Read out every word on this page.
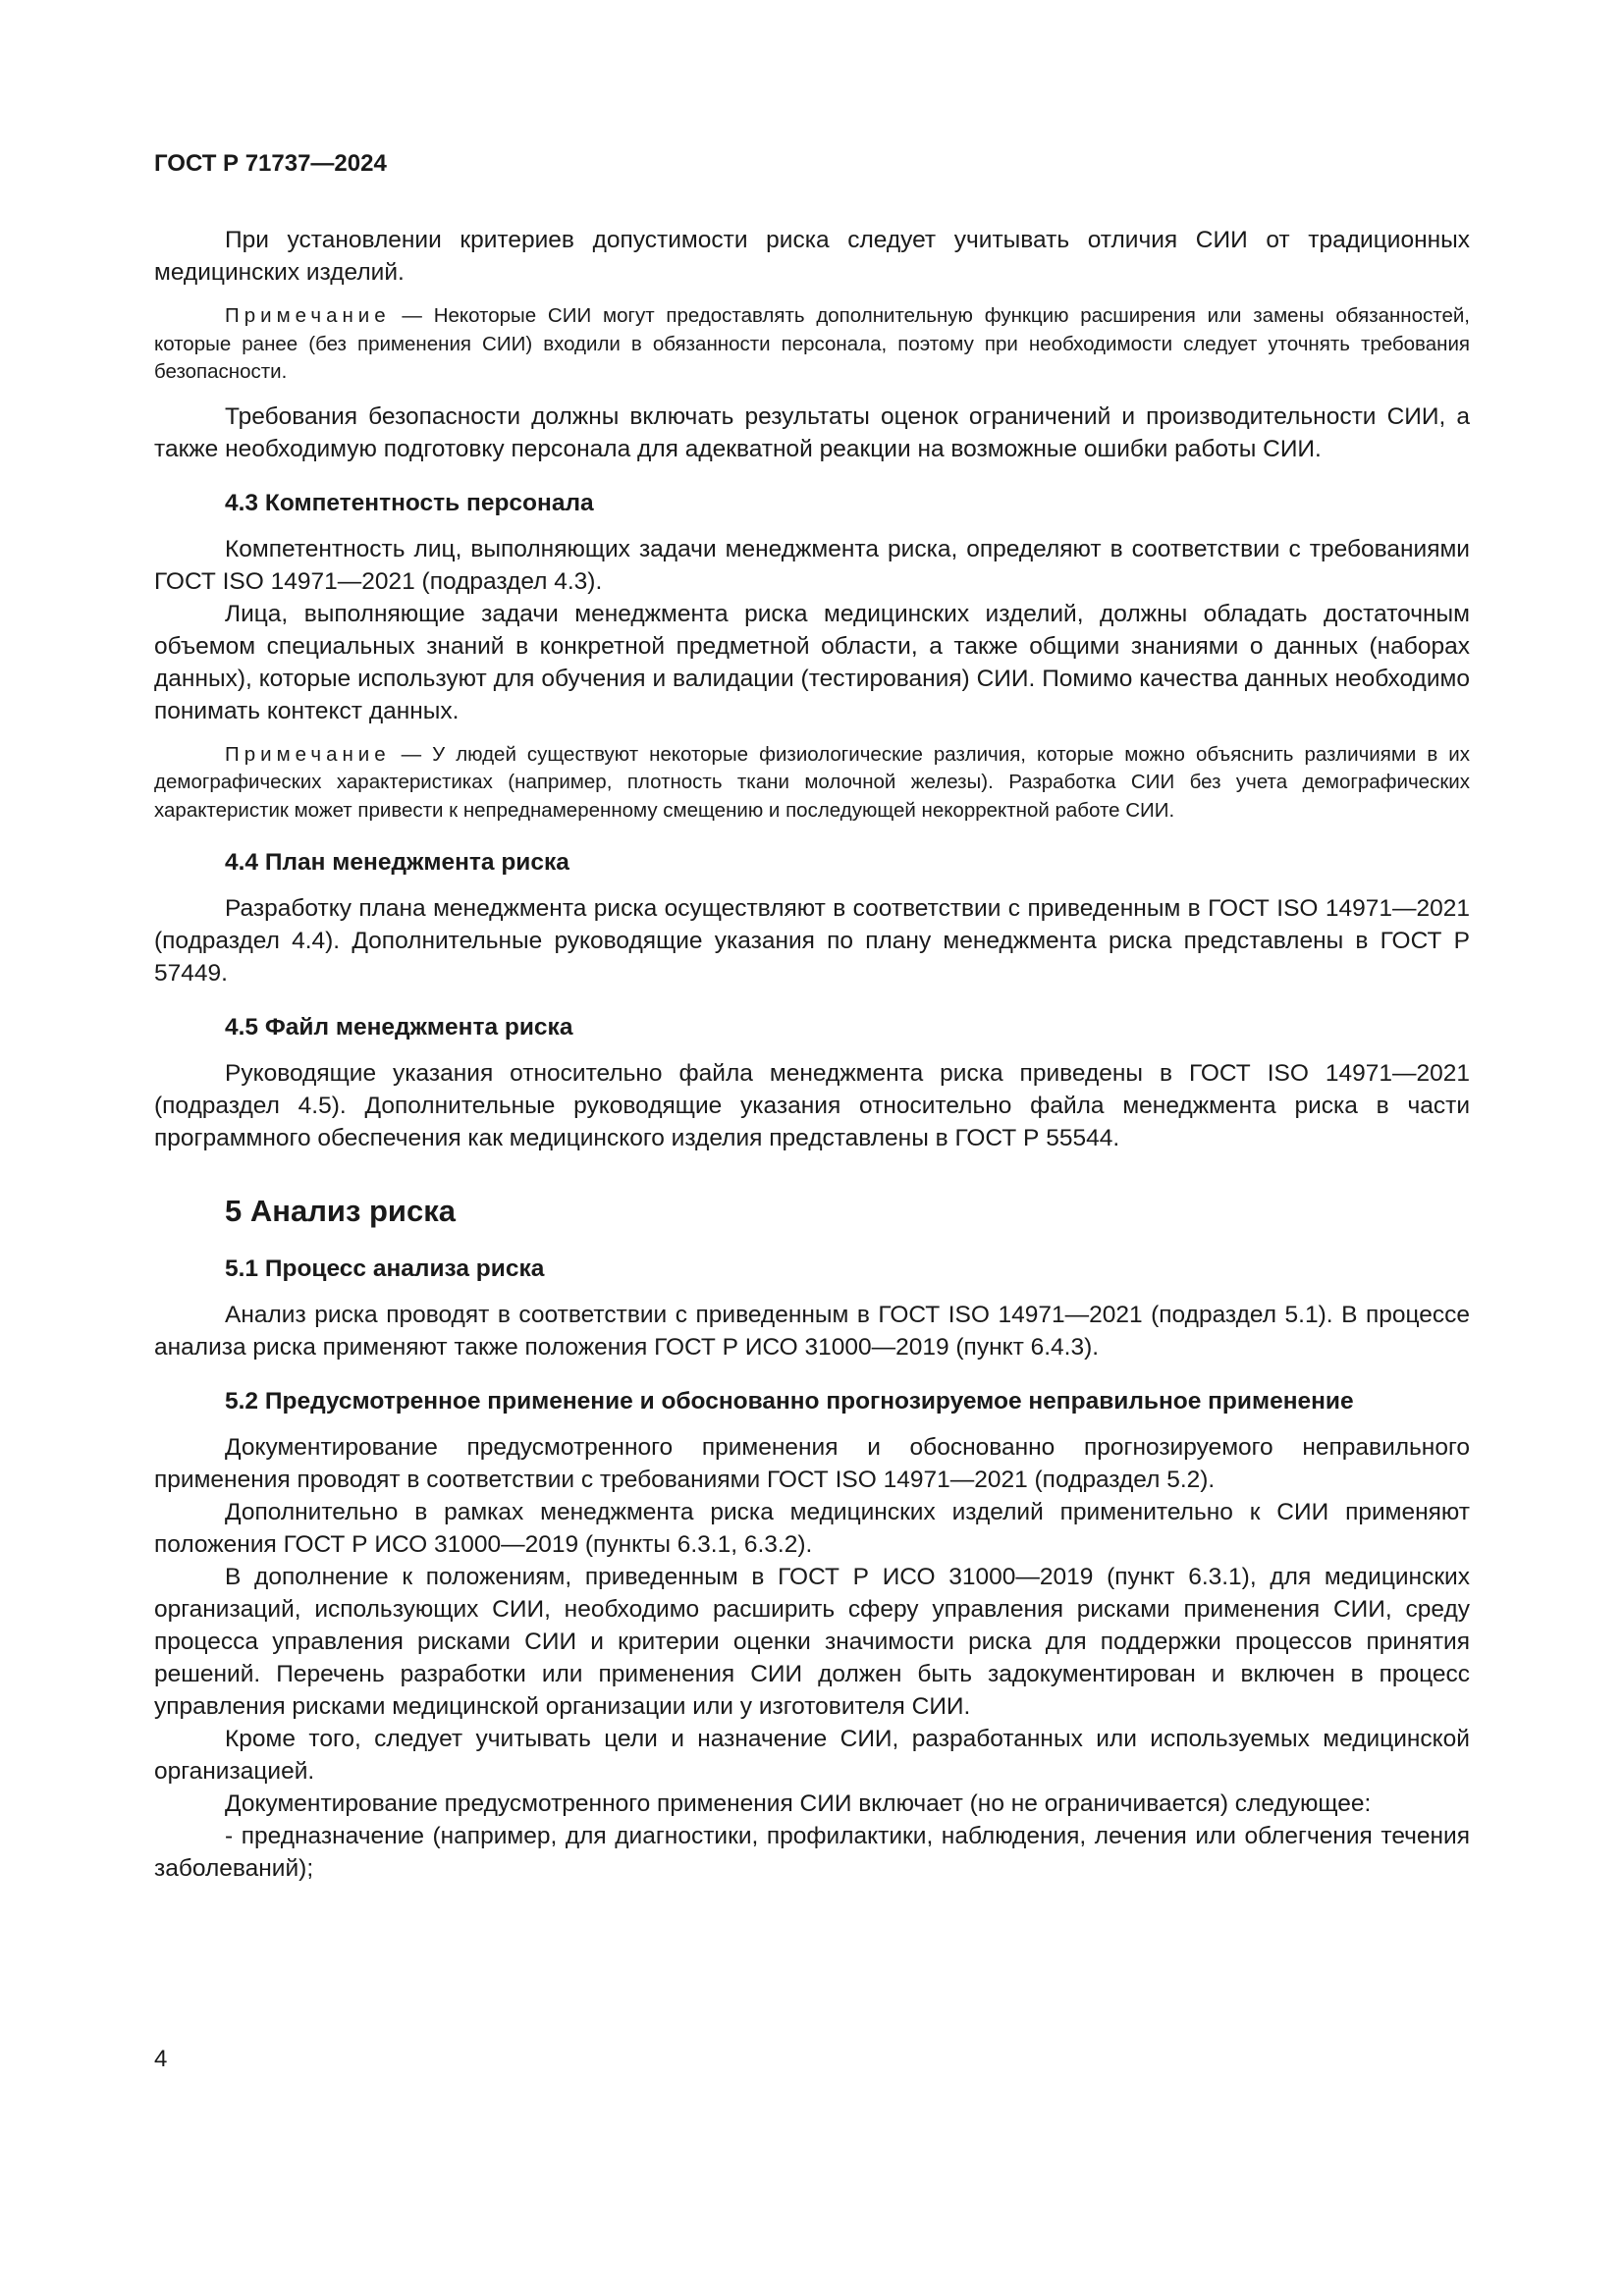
ГОСТ Р 71737—2024

При установлении критериев допустимости риска следует учитывать отличия СИИ от традиционных медицинских изделий.

Примечание — Некоторые СИИ могут предоставлять дополнительную функцию расширения или замены обязанностей, которые ранее (без применения СИИ) входили в обязанности персонала, поэтому при необходимости следует уточнять требования безопасности.

Требования безопасности должны включать результаты оценок ограничений и производительности СИИ, а также необходимую подготовку персонала для адекватной реакции на возможные ошибки работы СИИ.

4.3 Компетентность персонала

Компетентность лиц, выполняющих задачи менеджмента риска, определяют в соответствии с требованиями ГОСТ ISO 14971—2021 (подраздел 4.3).

Лица, выполняющие задачи менеджмента риска медицинских изделий, должны обладать достаточным объемом специальных знаний в конкретной предметной области, а также общими знаниями о данных (наборах данных), которые используют для обучения и валидации (тестирования) СИИ. Помимо качества данных необходимо понимать контекст данных.

Примечание — У людей существуют некоторые физиологические различия, которые можно объяснить различиями в их демографических характеристиках (например, плотность ткани молочной железы). Разработка СИИ без учета демографических характеристик может привести к непреднамеренному смещению и последующей некорректной работе СИИ.

4.4 План менеджмента риска

Разработку плана менеджмента риска осуществляют в соответствии с приведенным в ГОСТ ISO 14971—2021 (подраздел 4.4). Дополнительные руководящие указания по плану менеджмента риска представлены в ГОСТ Р 57449.

4.5 Файл менеджмента риска

Руководящие указания относительно файла менеджмента риска приведены в ГОСТ ISO 14971—2021 (подраздел 4.5). Дополнительные руководящие указания относительно файла менеджмента риска в части программного обеспечения как медицинского изделия представлены в ГОСТ Р 55544.

5 Анализ риска
5.1 Процесс анализа риска

Анализ риска проводят в соответствии с приведенным в ГОСТ ISO 14971—2021 (подраздел 5.1). В процессе анализа риска применяют также положения ГОСТ Р ИСО 31000—2019 (пункт 6.4.3).

5.2 Предусмотренное применение и обоснованно прогнозируемое неправильное применение

Документирование предусмотренного применения и обоснованно прогнозируемого неправильного применения проводят в соответствии с требованиями ГОСТ ISO 14971—2021 (подраздел 5.2).

Дополнительно в рамках менеджмента риска медицинских изделий применительно к СИИ применяют положения ГОСТ Р ИСО 31000—2019 (пункты 6.3.1, 6.3.2).

В дополнение к положениям, приведенным в ГОСТ Р ИСО 31000—2019 (пункт 6.3.1), для медицинских организаций, использующих СИИ, необходимо расширить сферу управления рисками применения СИИ, среду процесса управления рисками СИИ и критерии оценки значимости риска для поддержки процессов принятия решений. Перечень разработки или применения СИИ должен быть задокументирован и включен в процесс управления рисками медицинской организации или у изготовителя СИИ.

Кроме того, следует учитывать цели и назначение СИИ, разработанных или используемых медицинской организацией.

Документирование предусмотренного применения СИИ включает (но не ограничивается) следующее:

- предназначение (например, для диагностики, профилактики, наблюдения, лечения или облегчения течения заболеваний);

4
